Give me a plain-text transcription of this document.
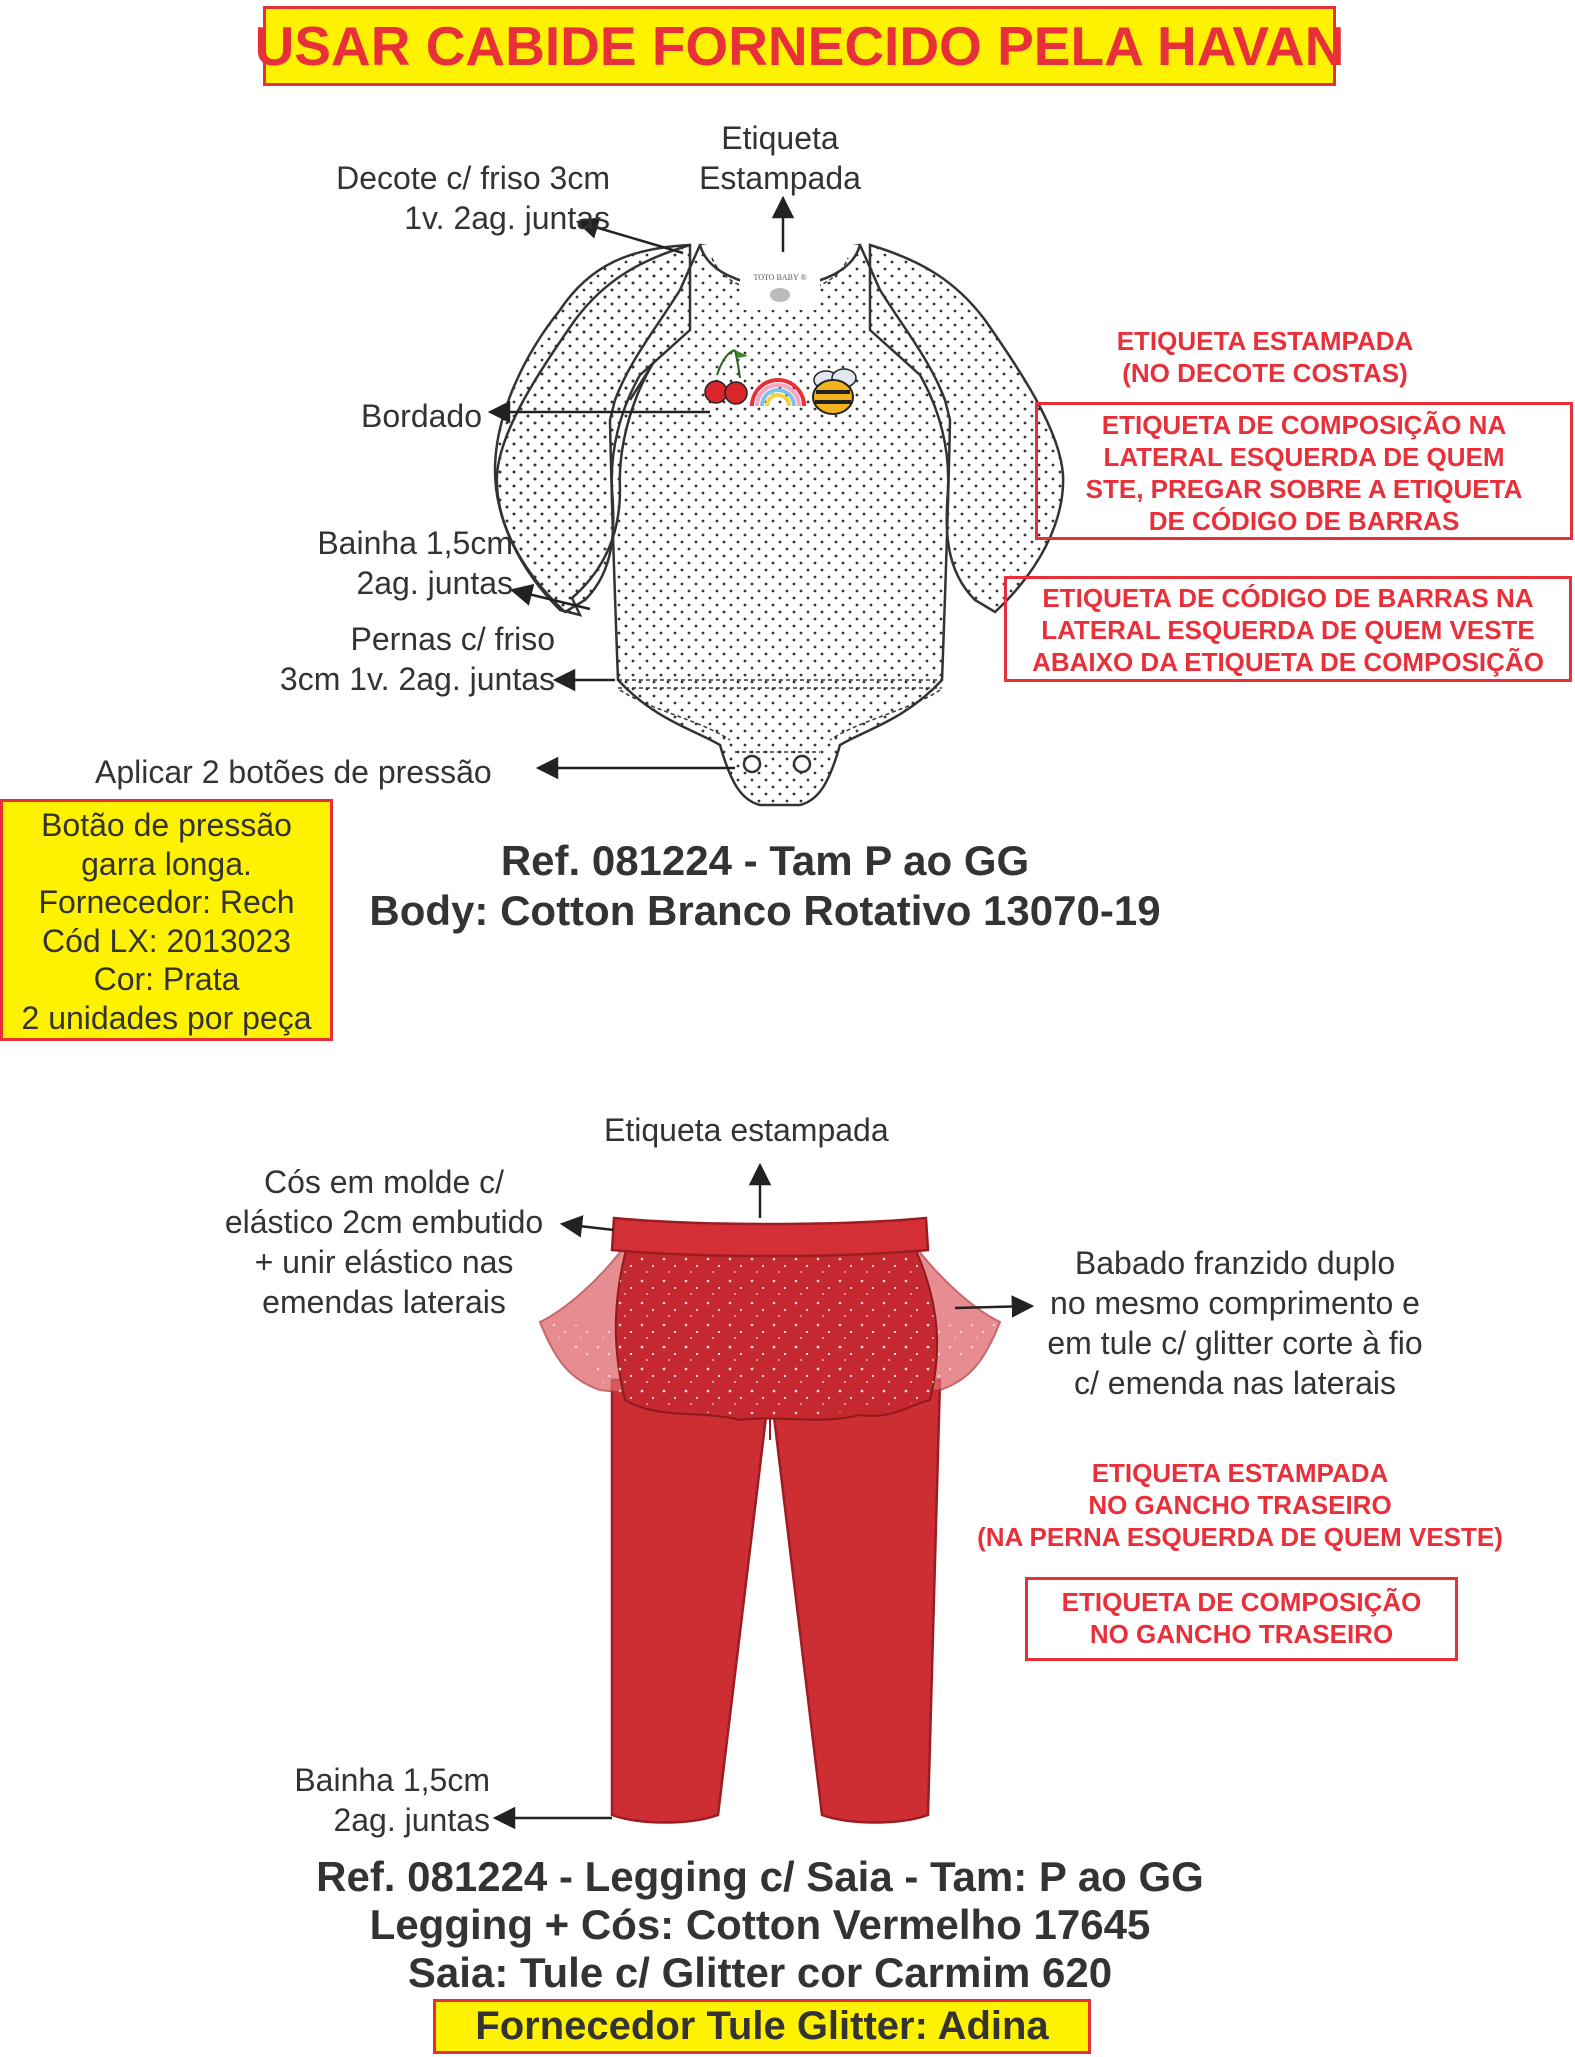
TOTO BABY ®
USAR CABIDE FORNECIDO PELA HAVAN
Etiqueta
Estampada
Decote c/ friso 3cm
1v. 2ag. juntas
Bordado
Bainha 1,5cm
2ag. juntas
Pernas c/ friso
3cm 1v. 2ag. juntas
Aplicar 2 botões de pressão
ETIQUETA ESTAMPADA
(NO DECOTE COSTAS)
ETIQUETA DE COMPOSIÇÃO NA
LATERAL ESQUERDA DE QUEM
STE, PREGAR SOBRE A ETIQUETA
DE CÓDIGO DE BARRAS
ETIQUETA DE CÓDIGO DE BARRAS NA
LATERAL ESQUERDA DE QUEM VESTE
ABAIXO DA ETIQUETA DE COMPOSIÇÃO
Botão de pressão
garra longa.
Fornecedor: Rech
Cód LX: 2013023
Cor: Prata
2 unidades por peça
Ref. 081224 - Tam P ao GG
Body: Cotton Branco Rotativo 13070-19
Etiqueta estampada
Cós em molde c/
elástico 2cm embutido
+ unir elástico nas
emendas laterais
Babado franzido duplo
no mesmo comprimento e
em tule c/ glitter corte à fio
c/ emenda nas laterais
Bainha 1,5cm
2ag. juntas
ETIQUETA ESTAMPADA
NO GANCHO TRASEIRO
(NA PERNA ESQUERDA DE QUEM VESTE)
ETIQUETA DE COMPOSIÇÃO
NO GANCHO TRASEIRO
Ref. 081224 - Legging c/ Saia - Tam: P ao GG
Legging + Cós: Cotton Vermelho 17645
Saia: Tule c/ Glitter cor Carmim 620
Fornecedor Tule Glitter: Adina
